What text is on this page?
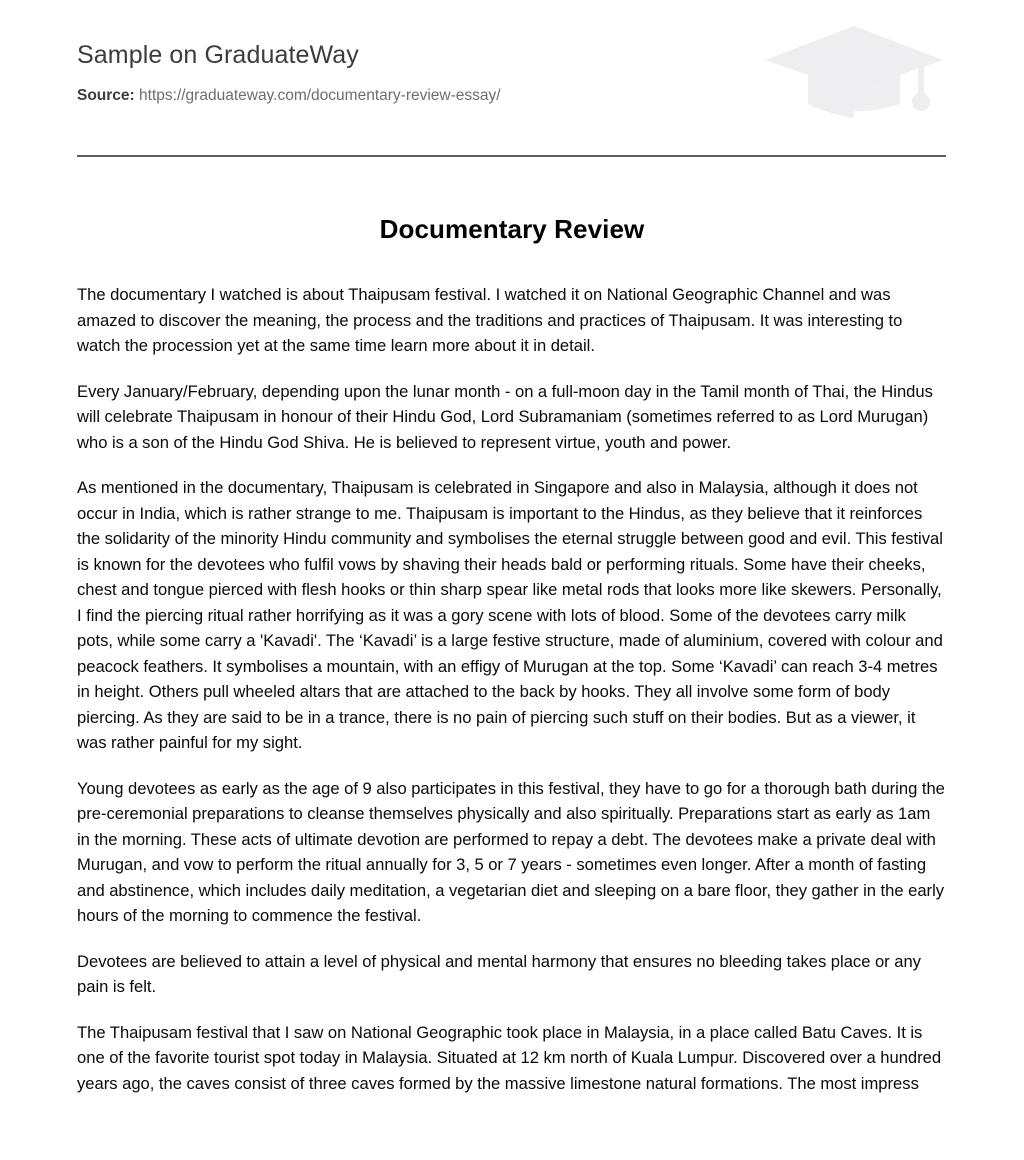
Sample on GraduateWay
Source: https://graduateway.com/documentary-review-essay/
Documentary Review

The documentary I watched is about Thaipusam festival. I watched it on National Geographic Channel and was amazed to discover the meaning, the process and the traditions and practices of Thaipusam. It was interesting to watch the procession yet at the same time learn more about it in detail.

Every January/February, depending upon the lunar month - on a full-moon day in the Tamil month of Thai, the Hindus will celebrate Thaipusam in honour of their Hindu God, Lord Subramaniam (sometimes referred to as Lord Murugan) who is a son of the Hindu God Shiva. He is believed to represent virtue, youth and power.

As mentioned in the documentary, Thaipusam is celebrated in Singapore and also in Malaysia, although it does not occur in India, which is rather strange to me. Thaipusam is important to the Hindus, as they believe that it reinforces the solidarity of the minority Hindu community and symbolises the eternal struggle between good and evil. This festival is known for the devotees who fulfil vows by shaving their heads bald or performing rituals. Some have their cheeks, chest and tongue pierced with flesh hooks or thin sharp spear like metal rods that looks more like skewers. Personally, I find the piercing ritual rather horrifying as it was a gory scene with lots of blood. Some of the devotees carry milk pots, while some carry a 'Kavadi'. The ‘Kavadi’ is a large festive structure, made of aluminium, covered with colour and peacock feathers. It symbolises a mountain, with an effigy of Murugan at the top. Some ‘Kavadi’ can reach 3-4 metres in height. Others pull wheeled altars that are attached to the back by hooks. They all involve some form of body piercing. As they are said to be in a trance, there is no pain of piercing such stuff on their bodies. But as a viewer, it was rather painful for my sight.

Young devotees as early as the age of 9 also participates in this festival, they have to go for a thorough bath during the pre-ceremonial preparations to cleanse themselves physically and also spiritually. Preparations start as early as 1am in the morning. These acts of ultimate devotion are performed to repay a debt. The devotees make a private deal with Murugan, and vow to perform the ritual annually for 3, 5 or 7 years - sometimes even longer. After a month of fasting and abstinence, which includes daily meditation, a vegetarian diet and sleeping on a bare floor, they gather in the early hours of the morning to commence the festival.

Devotees are believed to attain a level of physical and mental harmony that ensures no bleeding takes place or any pain is felt.

The Thaipusam festival that I saw on National Geographic took place in Malaysia, in a place called Batu Caves. It is one of the favorite tourist spot today in Malaysia. Situated at 12 km north of Kuala Lumpur. Discovered over a hundred years ago, the caves consist of three caves formed by the massive limestone natural formations. The most impress
